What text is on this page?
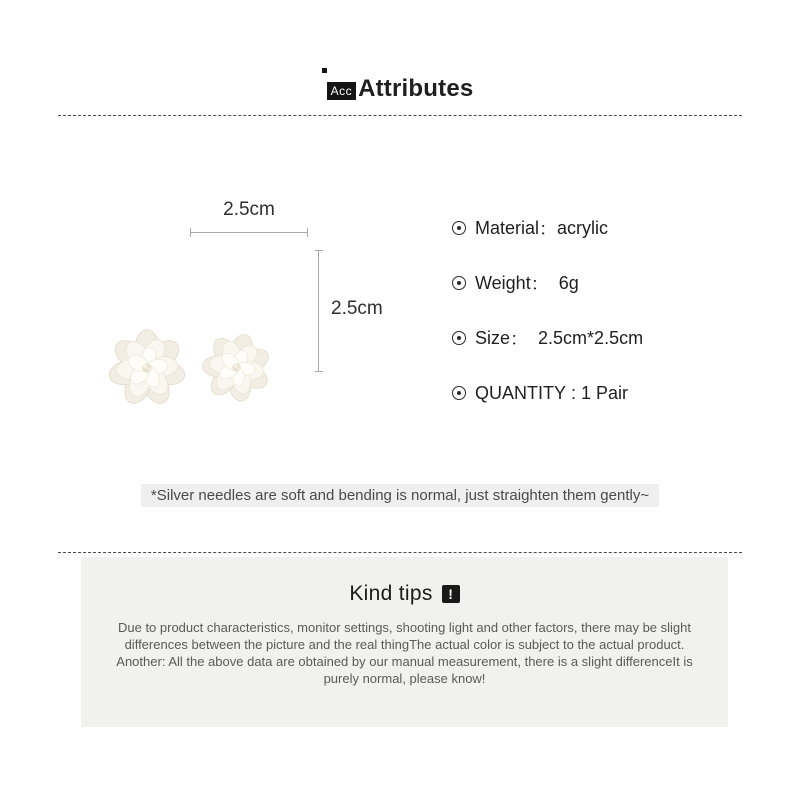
Acc Attributes
2.5cm
2.5cm
Material ： acrylic
Weight ： 6g
Size ： 2.5cm*2.5cm
QUANTITY : 1 Pair
*Silver needles are soft and bending is normal, just straighten them gently~
Kind tips	!
Due to product characteristics, monitor settings, shooting light and other factors, there may be slight
differences between the picture and the real thingThe actual color is subject to the actual product.
Another: All the above data are obtained by our manual measurement, there is a slight differenceIt is
purely normal, please know!
